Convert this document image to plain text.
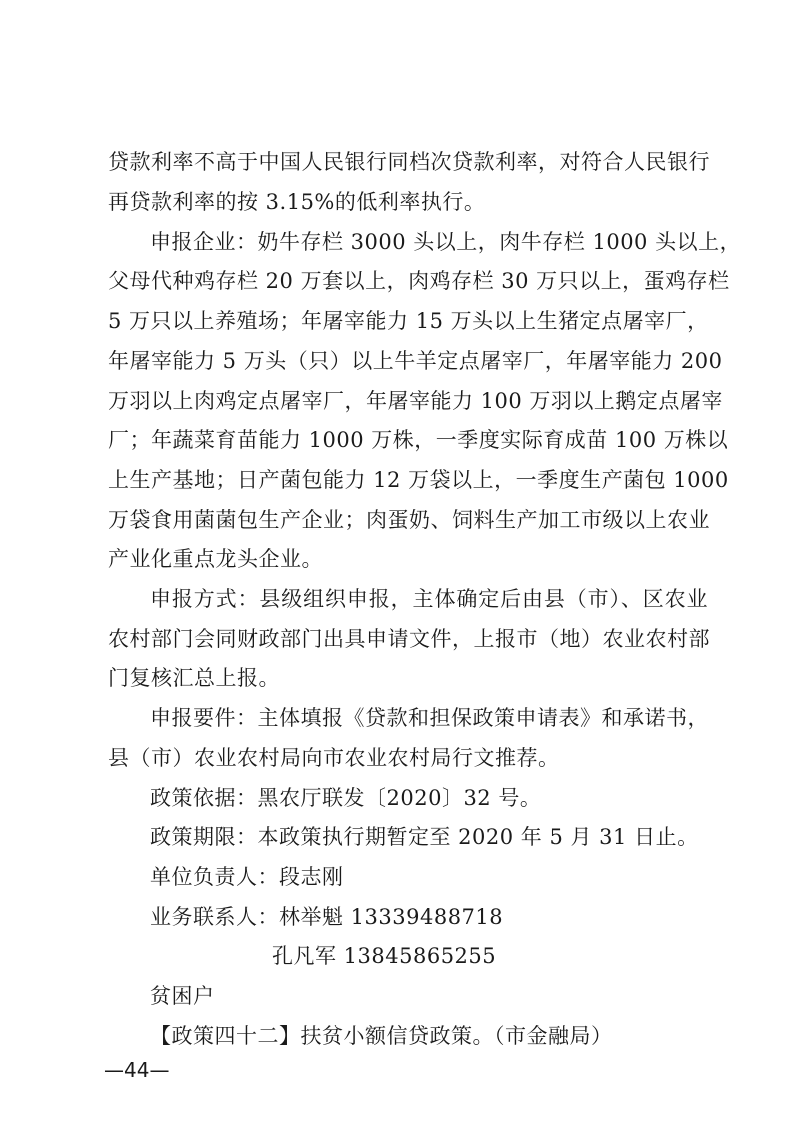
贷款利率不高于中国人民银行同档次贷款利率，对符合人民银行
再贷款利率的按 3.15%的低利率执行。
申报企业：奶牛存栏 3000 头以上，肉牛存栏 1000 头以上，
父母代种鸡存栏 20 万套以上，肉鸡存栏 30 万只以上，蛋鸡存栏
5 万只以上养殖场；年屠宰能力 15 万头以上生猪定点屠宰厂，
年屠宰能力 5 万头（只）以上牛羊定点屠宰厂，年屠宰能力 200
万羽以上肉鸡定点屠宰厂，年屠宰能力 100 万羽以上鹅定点屠宰
厂；年蔬菜育苗能力 1000 万株，一季度实际育成苗 100 万株以
上生产基地；日产菌包能力 12 万袋以上，一季度生产菌包 1000
万袋食用菌菌包生产企业；肉蛋奶、饲料生产加工市级以上农业
产业化重点龙头企业。
申报方式：县级组织申报，主体确定后由县（市）、区农业
农村部门会同财政部门出具申请文件，上报市（地）农业农村部
门复核汇总上报。
申报要件：主体填报《贷款和担保政策申请表》和承诺书，
县（市）农业农村局向市农业农村局行文推荐。
政策依据：黑农厅联发〔2020〕32 号。
政策期限：本政策执行期暂定至 2020 年 5 月 31 日止。
单位负责人：段志刚
业务联系人：林举魁 13339488718
孔凡军 13845865255
贫困户
【政策四十二】扶贫小额信贷政策。（市金融局）
—44—
